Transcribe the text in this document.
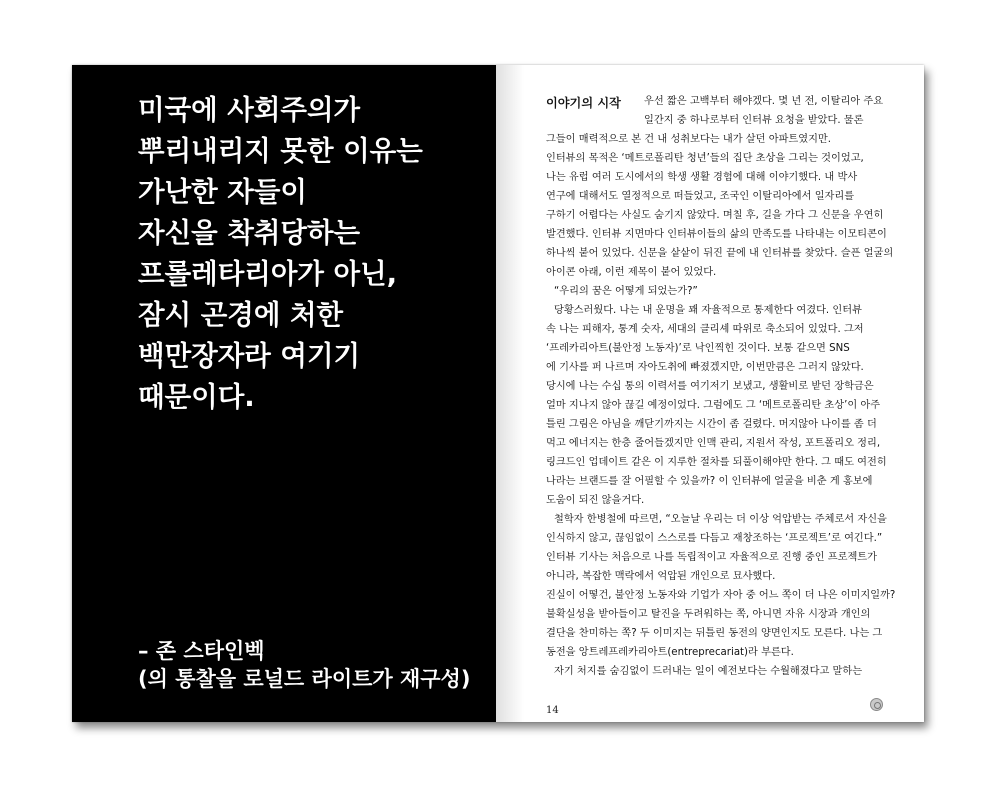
미국에 사회주의가
뿌리내리지 못한 이유는
가난한 자들이
자신을 착취당하는
프롤레타리아가 아닌,
잠시 곤경에 처한
백만장자라 여기기
때문이다.

– 존 스타인벡
(의 통찰을 로널드 라이트가 재구성)
이야기의 시작 우선 짧은 고백부터 해야겠다. 몇 년 전, 이탈리아 주요
일간지 중 하나로부터 인터뷰 요청을 받았다. 물론
그들이 매력적으로 본 건 내 성취보다는 내가 살던 아파트였지만.
인터뷰의 목적은 ‘메트로폴리탄 청년’들의 집단 초상을 그리는 것이었고,
나는 유럽 여러 도시에서의 학생 생활 경험에 대해 이야기했다. 내 박사
연구에 대해서도 열정적으로 떠들었고, 조국인 이탈리아에서 일자리를
구하기 어렵다는 사실도 숨기지 않았다. 며칠 후, 길을 가다 그 신문을 우연히
발견했다. 인터뷰 지면마다 인터뷰이들의 삶의 만족도를 나타내는 이모티콘이
하나씩 붙어 있었다. 신문을 샅샅이 뒤진 끝에 내 인터뷰를 찾았다. 슬픈 얼굴의
아이콘 아래, 이런 제목이 붙어 있었다.
“우리의 꿈은 어떻게 되었는가?”
당황스러웠다. 나는 내 운명을 꽤 자율적으로 통제한다 여겼다. 인터뷰
속 나는 피해자, 통계 숫자, 세대의 클리셰 따위로 축소되어 있었다. 그저
‘프레카리아트(불안정 노동자)’로 낙인찍힌 것이다. 보통 같으면 SNS
에 기사를 퍼 나르며 자아도취에 빠졌겠지만, 이번만큼은 그러지 않았다.
당시에 나는 수십 통의 이력서를 여기저기 보냈고, 생활비로 받던 장학금은
얼마 지나지 않아 끊길 예정이었다. 그럼에도 그 ‘메트로폴리탄 초상’이 아주
틀린 그림은 아님을 깨닫기까지는 시간이 좀 걸렸다. 머지않아 나이를 좀 더
먹고 에너지는 한층 줄어들겠지만 인맥 관리, 지원서 작성, 포트폴리오 정리,
링크드인 업데이트 같은 이 지루한 절차를 되풀이해야만 한다. 그 때도 여전히
나라는 브랜드를 잘 어필할 수 있을까? 이 인터뷰에 얼굴을 비춘 게 홍보에
도움이 되진 않을거다.
철학자 한병철에 따르면, “오늘날 우리는 더 이상 억압받는 주체로서 자신을
인식하지 않고, 끊임없이 스스로를 다듬고 재창조하는 ‘프로젝트’로 여긴다.”
인터뷰 기사는 처음으로 나를 독립적이고 자율적으로 진행 중인 프로젝트가
아니라, 복잡한 맥락에서 억압된 개인으로 묘사했다.
진실이 어떻건, 불안정 노동자와 기업가 자아 중 어느 쪽이 더 나은 이미지일까?
불확실성을 받아들이고 탈진을 두려워하는 쪽, 아니면 자유 시장과 개인의
결단을 찬미하는 쪽? 두 이미지는 뒤틀린 동전의 양면인지도 모른다. 나는 그
동전을 앙트레프레카리아트(entreprecariat)라 부른다.
자기 처지를 숨김없이 드러내는 일이 예전보다는 수월해졌다고 말하는
14
